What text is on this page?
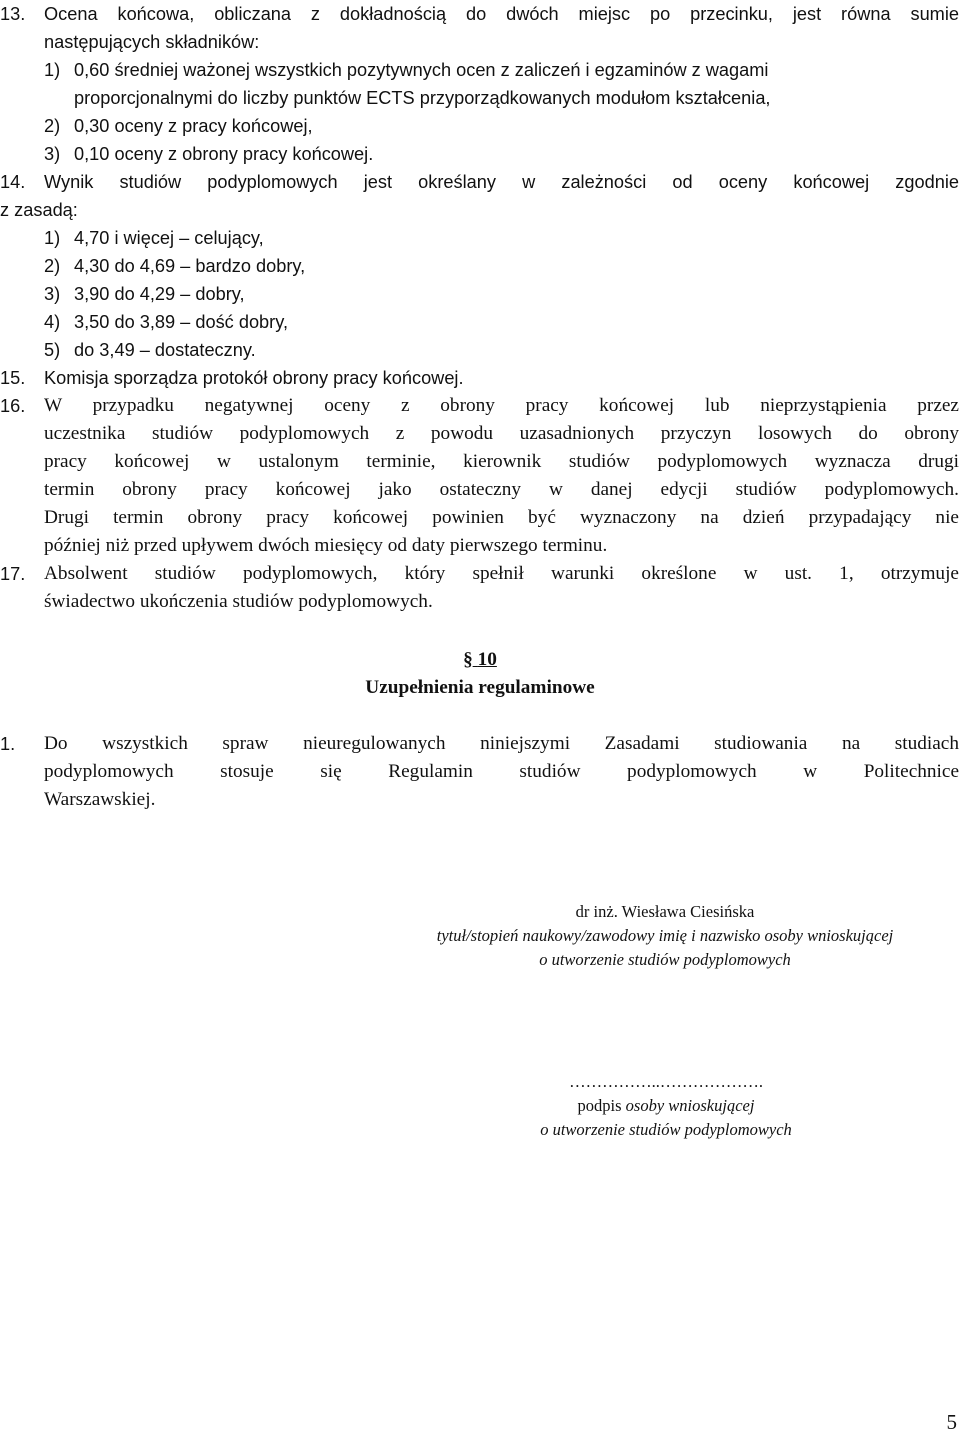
13. Ocena końcowa, obliczana z dokładnością do dwóch miejsc po przecinku, jest równa sumie
następujących składników:
1) 0,60 średniej ważonej wszystkich pozytywnych ocen z zaliczeń i egzaminów z wagami
proporcjonalnymi do liczby punktów ECTS przyporządkowanych modułom kształcenia,
2) 0,30 oceny z pracy końcowej,
3) 0,10 oceny z obrony pracy końcowej.
14. Wynik studiów podyplomowych jest określany w zależności od oceny końcowej zgodnie
z zasadą:
1) 4,70 i więcej – celujący,
2) 4,30 do 4,69 – bardzo dobry,
3) 3,90 do 4,29 – dobry,
4) 3,50 do 3,89 – dość dobry,
5) do 3,49 – dostateczny.
15. Komisja sporządza protokół obrony pracy końcowej.
16. W przypadku negatywnej oceny z obrony pracy końcowej lub nieprzystąpienia przez
uczestnika studiów podyplomowych z powodu uzasadnionych przyczyn losowych do obrony
pracy końcowej w ustalonym terminie, kierownik studiów podyplomowych wyznacza drugi
termin obrony pracy końcowej jako ostateczny w danej edycji studiów podyplomowych.
Drugi termin obrony pracy końcowej powinien być wyznaczony na dzień przypadający nie
później niż przed upływem dwóch miesięcy od daty pierwszego terminu.
17. Absolwent studiów podyplomowych, który spełnił warunki określone w ust. 1, otrzymuje
świadectwo ukończenia studiów podyplomowych.
§ 10
Uzupełnienia regulaminowe
1. Do wszystkich spraw nieuregulowanych niniejszymi Zasadami studiowania na studiach
podyplomowych stosuje się Regulamin studiów podyplomowych w Politechnice
Warszawskiej.
dr inż. Wiesława Ciesińska
tytuł/stopień naukowy/zawodowy imię i nazwisko osoby wnioskującej
o utworzenie studiów podyplomowych
……………..……………….
podpis osoby wnioskującej
o utworzenie studiów podyplomowych
5
